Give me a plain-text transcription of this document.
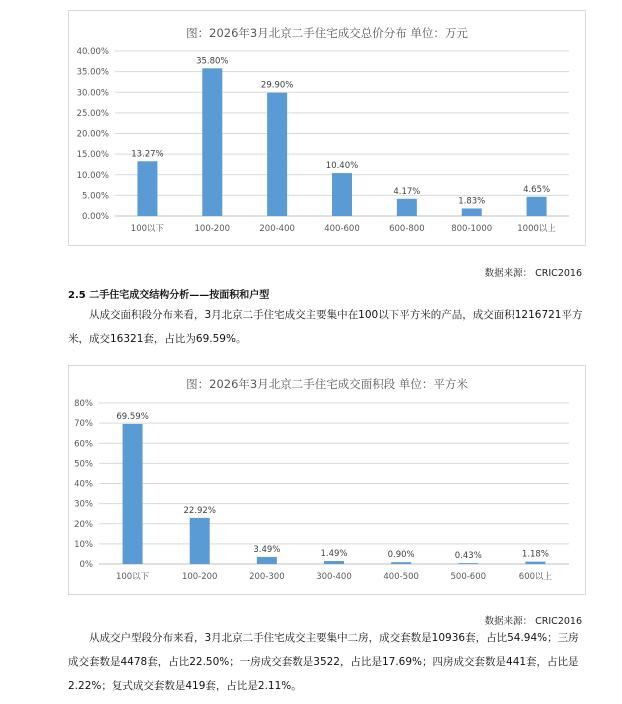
图：2026年3月北京二手住宅成交总价分布 单位：万元
0.00%
5.00%
10.00%
15.00%
20.00%
25.00%
30.00%
35.00%
40.00%
13.27%
100以下
35.80%
100-200
29.90%
200-400
10.40%
400-600
4.17%
600-800
1.83%
800-1000
4.65%
1000以上
数据来源： CRIC2016
2.5 二手住宅成交结构分析——按面积和户型
从成交面积段分布来看，3月北京二手住宅成交主要集中在100以下平方米的产品，成交面积1216721平方米，成交16321套，占比为69.59%。
图：2026年3月北京二手住宅成交面积段 单位：平方米
0%
10%
20%
30%
40%
50%
60%
70%
80%
69.59%
100以下
22.92%
100-200
3.49%
200-300
1.49%
300-400
0.90%
400-500
0.43%
500-600
1.18%
600以上
数据来源： CRIC2016
从成交户型段分布来看，3月北京二手住宅成交主要集中二房，成交套数是10936套，占比54.94%；三房成交套数是4478套，占比22.50%；一房成交套数是3522，占比是17.69%；四房成交套数是441套，占比是2.22%；复式成交套数是419套，占比是2.11%。
